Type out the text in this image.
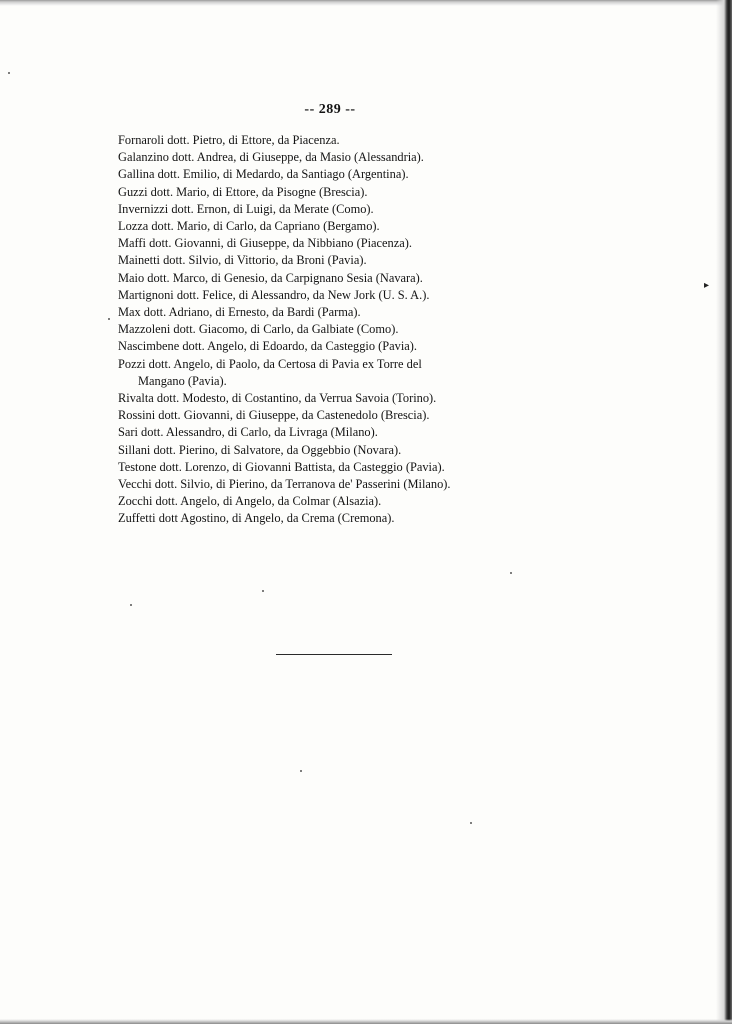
-- 289 --
Fornaroli dott. Pietro, di Ettore, da Piacenza.
Galanzino dott. Andrea, di Giuseppe, da Masio (Alessandria).
Gallina dott. Emilio, di Medardo, da Santiago (Argentina).
Guzzi dott. Mario, di Ettore, da Pisogne (Brescia).
Invernizzi dott. Ernon, di Luigi, da Merate (Como).
Lozza dott. Mario, di Carlo, da Capriano (Bergamo).
Maffi dott. Giovanni, di Giuseppe, da Nibbiano (Piacenza).
Mainetti dott. Silvio, di Vittorio, da Broni (Pavia).
Maio dott. Marco, di Genesio, da Carpignano Sesia (Navara).
Martignoni dott. Felice, di Alessandro, da New Jork (U. S. A.).
Max dott. Adriano, di Ernesto, da Bardi (Parma).
Mazzoleni dott. Giacomo, di Carlo, da Galbiate (Como).
Nascimbene dott. Angelo, di Edoardo, da Casteggio (Pavia).
Pozzi dott. Angelo, di Paolo, da Certosa di Pavia ex Torre del
Mangano (Pavia).
Rivalta dott. Modesto, di Costantino, da Verrua Savoia (Torino).
Rossini dott. Giovanni, di Giuseppe, da Castenedolo (Brescia).
Sari dott. Alessandro, di Carlo, da Livraga (Milano).
Sillani dott. Pierino, di Salvatore, da Oggebbio (Novara).
Testone dott. Lorenzo, di Giovanni Battista, da Casteggio (Pavia).
Vecchi dott. Silvio, di Pierino, da Terranova de' Passerini (Milano).
Zocchi dott. Angelo, di Angelo, da Colmar (Alsazia).
Zuffetti dott Agostino, di Angelo, da Crema (Cremona).
▸
